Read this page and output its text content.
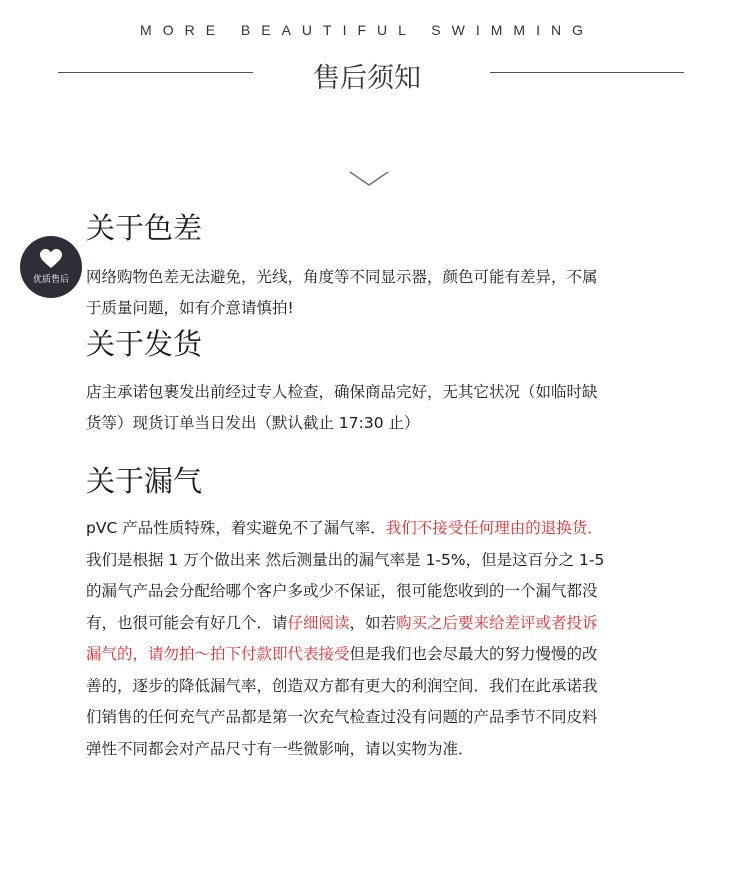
MORE BEAUTIFUL SWIMMING
售后须知
优质售后
关于色差

网络购物色差无法避免，光线，角度等不同显示器，颜色可能有差异，不属
于质量问题，如有介意请慎拍!

关于发货

店主承诺包裹发出前经过专人检查，确保商品完好，无其它状况（如临时缺
货等）现货订单当日发出（默认截止 17:30 止）

关于漏气

pVC 产品性质特殊，着实避免不了漏气率．我们不接受任何理由的退换货．
我们是根据 1 万个做出来 然后测量出的漏气率是 1-5%，但是这百分之 1-5
的漏气产品会分配给哪个客户多或少不保证，很可能您收到的一个漏气都没
有，也很可能会有好几个．请仔细阅读，如若购买之后要来给差评或者投诉
漏气的，请勿拍～拍下付款即代表接受但是我们也会尽最大的努力慢慢的改
善的，逐步的降低漏气率，创造双方都有更大的利润空间．我们在此承诺我
们销售的任何充气产品都是第一次充气检查过没有问题的产品季节不同皮料
弹性不同都会对产品尺寸有一些微影响，请以实物为准．
